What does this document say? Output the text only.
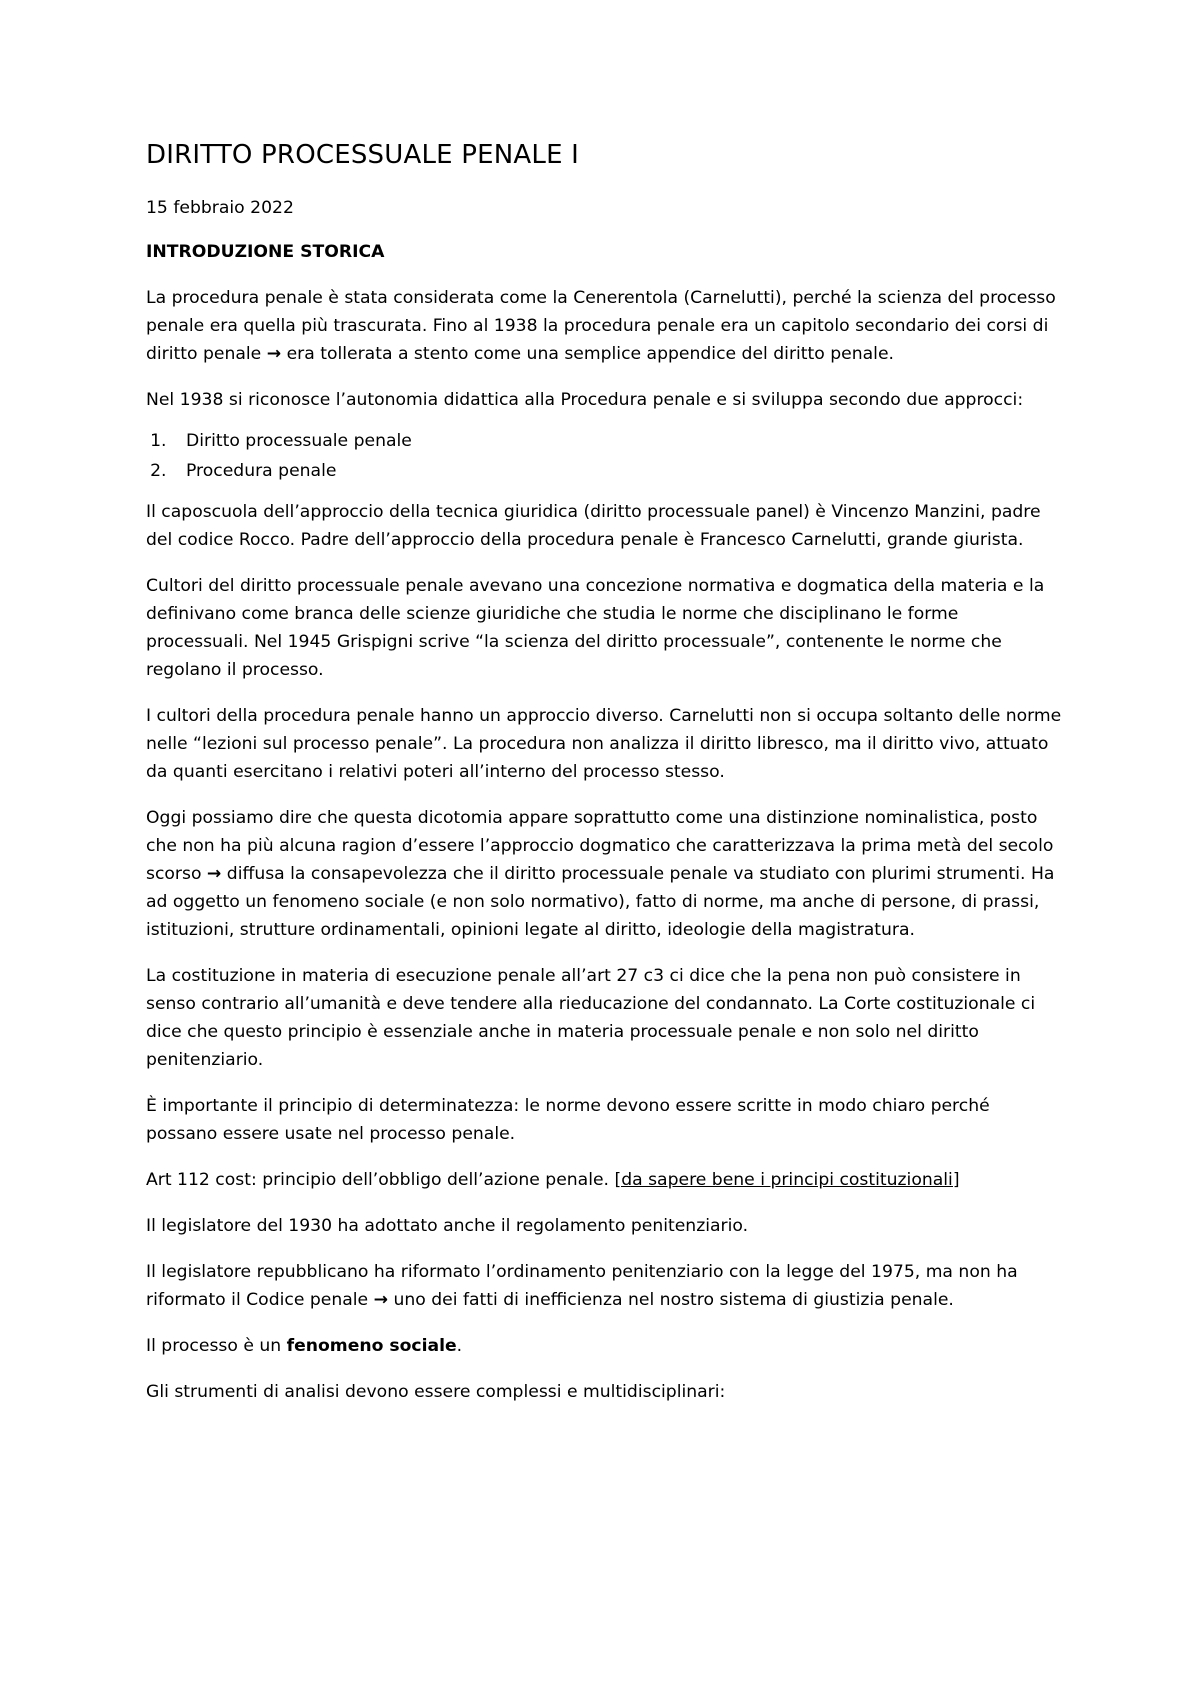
DIRITTO PROCESSUALE PENALE I

15 febbraio 2022

INTRODUZIONE STORICA

La procedura penale è stata considerata come la Cenerentola (Carnelutti), perché la scienza del processo penale era quella più trascurata. Fino al 1938 la procedura penale era un capitolo secondario dei corsi di diritto penale → era tollerata a stento come una semplice appendice del diritto penale.

Nel 1938 si riconosce l’autonomia didattica alla Procedura penale e si sviluppa secondo due approcci:

1. Diritto processuale penale
2. Procedura penale

Il caposcuola dell’approccio della tecnica giuridica (diritto processuale panel) è Vincenzo Manzini, padre del codice Rocco. Padre dell’approccio della procedura penale è Francesco Carnelutti, grande giurista.

Cultori del diritto processuale penale avevano una concezione normativa e dogmatica della materia e la definivano come branca delle scienze giuridiche che studia le norme che disciplinano le forme processuali. Nel 1945 Grispigni scrive “la scienza del diritto processuale”, contenente le norme che regolano il processo.

I cultori della procedura penale hanno un approccio diverso. Carnelutti non si occupa soltanto delle norme nelle “lezioni sul processo penale”. La procedura non analizza il diritto libresco, ma il diritto vivo, attuato da quanti esercitano i relativi poteri all’interno del processo stesso.

Oggi possiamo dire che questa dicotomia appare soprattutto come una distinzione nominalistica, posto che non ha più alcuna ragion d’essere l’approccio dogmatico che caratterizzava la prima metà del secolo scorso → diffusa la consapevolezza che il diritto processuale penale va studiato con plurimi strumenti. Ha ad oggetto un fenomeno sociale (e non solo normativo), fatto di norme, ma anche di persone, di prassi, istituzioni, strutture ordinamentali, opinioni legate al diritto, ideologie della magistratura.

La costituzione in materia di esecuzione penale all’art 27 c3 ci dice che la pena non può consistere in senso contrario all’umanità e deve tendere alla rieducazione del condannato. La Corte costituzionale ci dice che questo principio è essenziale anche in materia processuale penale e non solo nel diritto penitenziario.

È importante il principio di determinatezza: le norme devono essere scritte in modo chiaro perché possano essere usate nel processo penale.

Art 112 cost: principio dell’obbligo dell’azione penale. [da sapere bene i principi costituzionali]

Il legislatore del 1930 ha adottato anche il regolamento penitenziario.

Il legislatore repubblicano ha riformato l’ordinamento penitenziario con la legge del 1975, ma non ha riformato il Codice penale → uno dei fatti di inefficienza nel nostro sistema di giustizia penale.

Il processo è un fenomeno sociale.

Gli strumenti di analisi devono essere complessi e multidisciplinari:
